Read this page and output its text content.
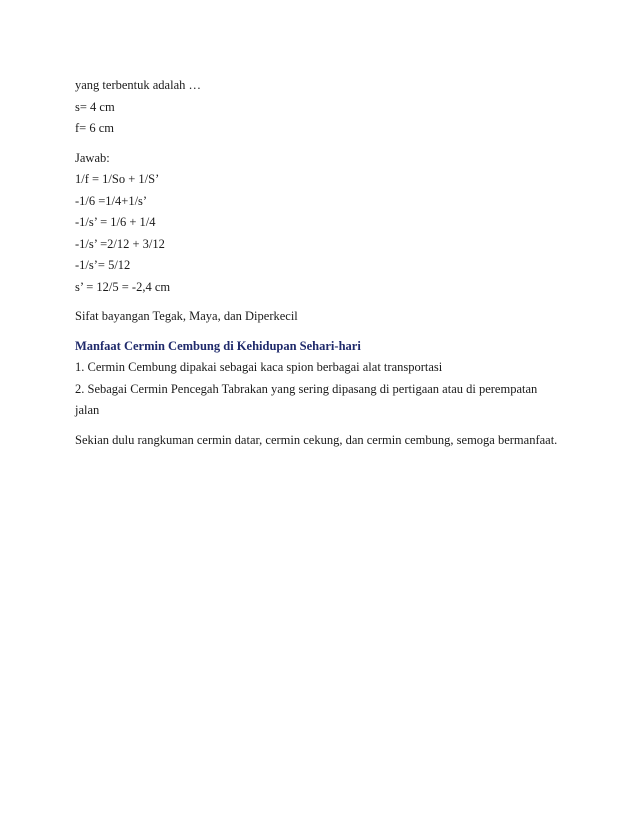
yang terbentuk adalah …
s= 4 cm
f= 6 cm
Jawab:
1/f = 1/So + 1/S’
-1/6 =1/4+1/s’
-1/s’ = 1/6 + 1/4
-1/s’ =2/12 + 3/12
-1/s’= 5/12
s’ = 12/5 = -2,4 cm
Sifat bayangan Tegak, Maya, dan Diperkecil
Manfaat Cermin Cembung di Kehidupan Sehari-hari
1. Cermin Cembung dipakai sebagai kaca spion berbagai alat transportasi
2. Sebagai Cermin Pencegah Tabrakan yang sering dipasang di pertigaan atau di perempatan
jalan
Sekian dulu rangkuman cermin datar, cermin cekung, dan cermin cembung, semoga bermanfaat.
